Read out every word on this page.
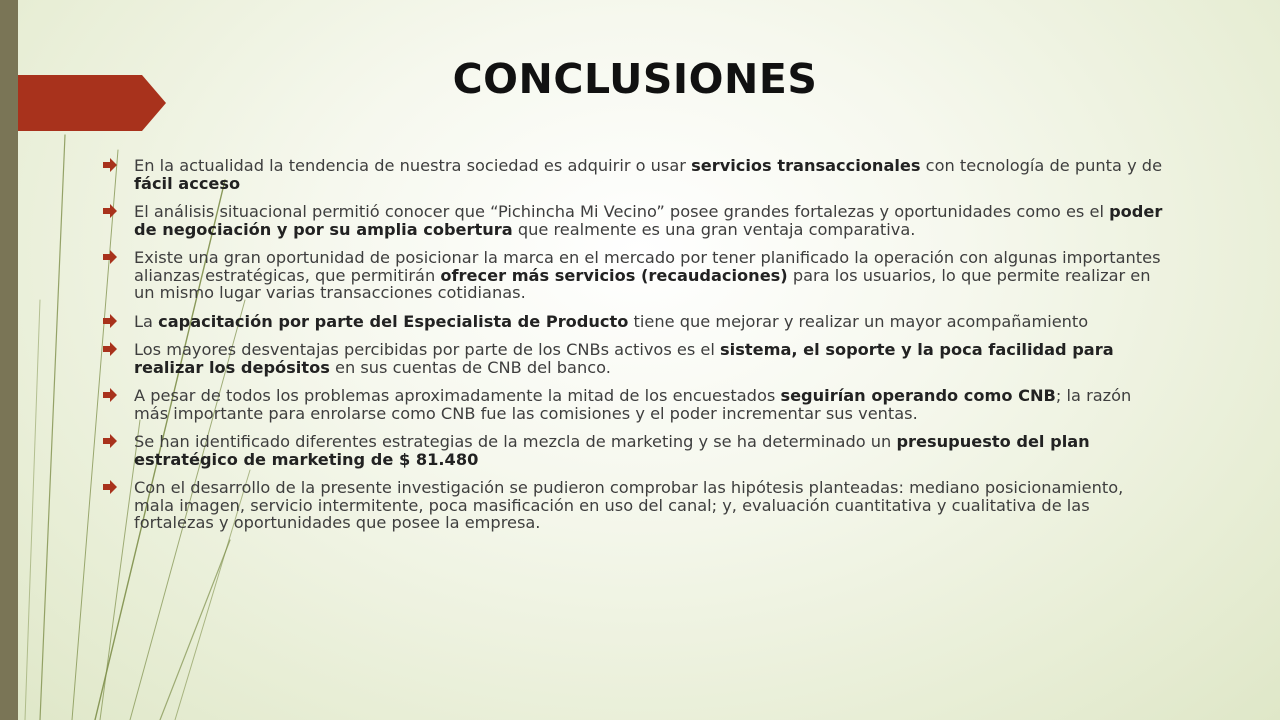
CONCLUSIONES
En la actualidad la tendencia de nuestra sociedad es adquirir o usar servicios transaccionales con tecnología de punta y de fácil acceso
El análisis situacional permitió conocer que “Pichincha Mi Vecino” posee grandes fortalezas y oportunidades como es el poder de negociación y por su amplia cobertura que realmente es una gran ventaja comparativa.
Existe una gran oportunidad de posicionar la marca en el mercado por tener planificado la operación con algunas importantes alianzas estratégicas, que permitirán ofrecer más servicios (recaudaciones) para los usuarios, lo que permite realizar en un mismo lugar varias transacciones cotidianas.
La capacitación por parte del Especialista de Producto tiene que mejorar y realizar un mayor acompañamiento
Los mayores desventajas percibidas por parte de los CNBs activos es el sistema, el soporte y la poca facilidad para realizar los depósitos en sus cuentas de CNB del banco.
A pesar de todos los problemas aproximadamente la mitad de los encuestados seguirían operando como CNB; la razón más importante para enrolarse como CNB fue las comisiones y el poder incrementar sus ventas.
Se han identificado diferentes estrategias de la mezcla de marketing y se ha determinado un presupuesto del plan estratégico de marketing de $ 81.480
Con el desarrollo de la presente investigación se pudieron comprobar las hipótesis planteadas: mediano posicionamiento, mala imagen, servicio intermitente, poca masificación en uso del canal; y, evaluación cuantitativa y cualitativa de las fortalezas y oportunidades que posee la empresa.
